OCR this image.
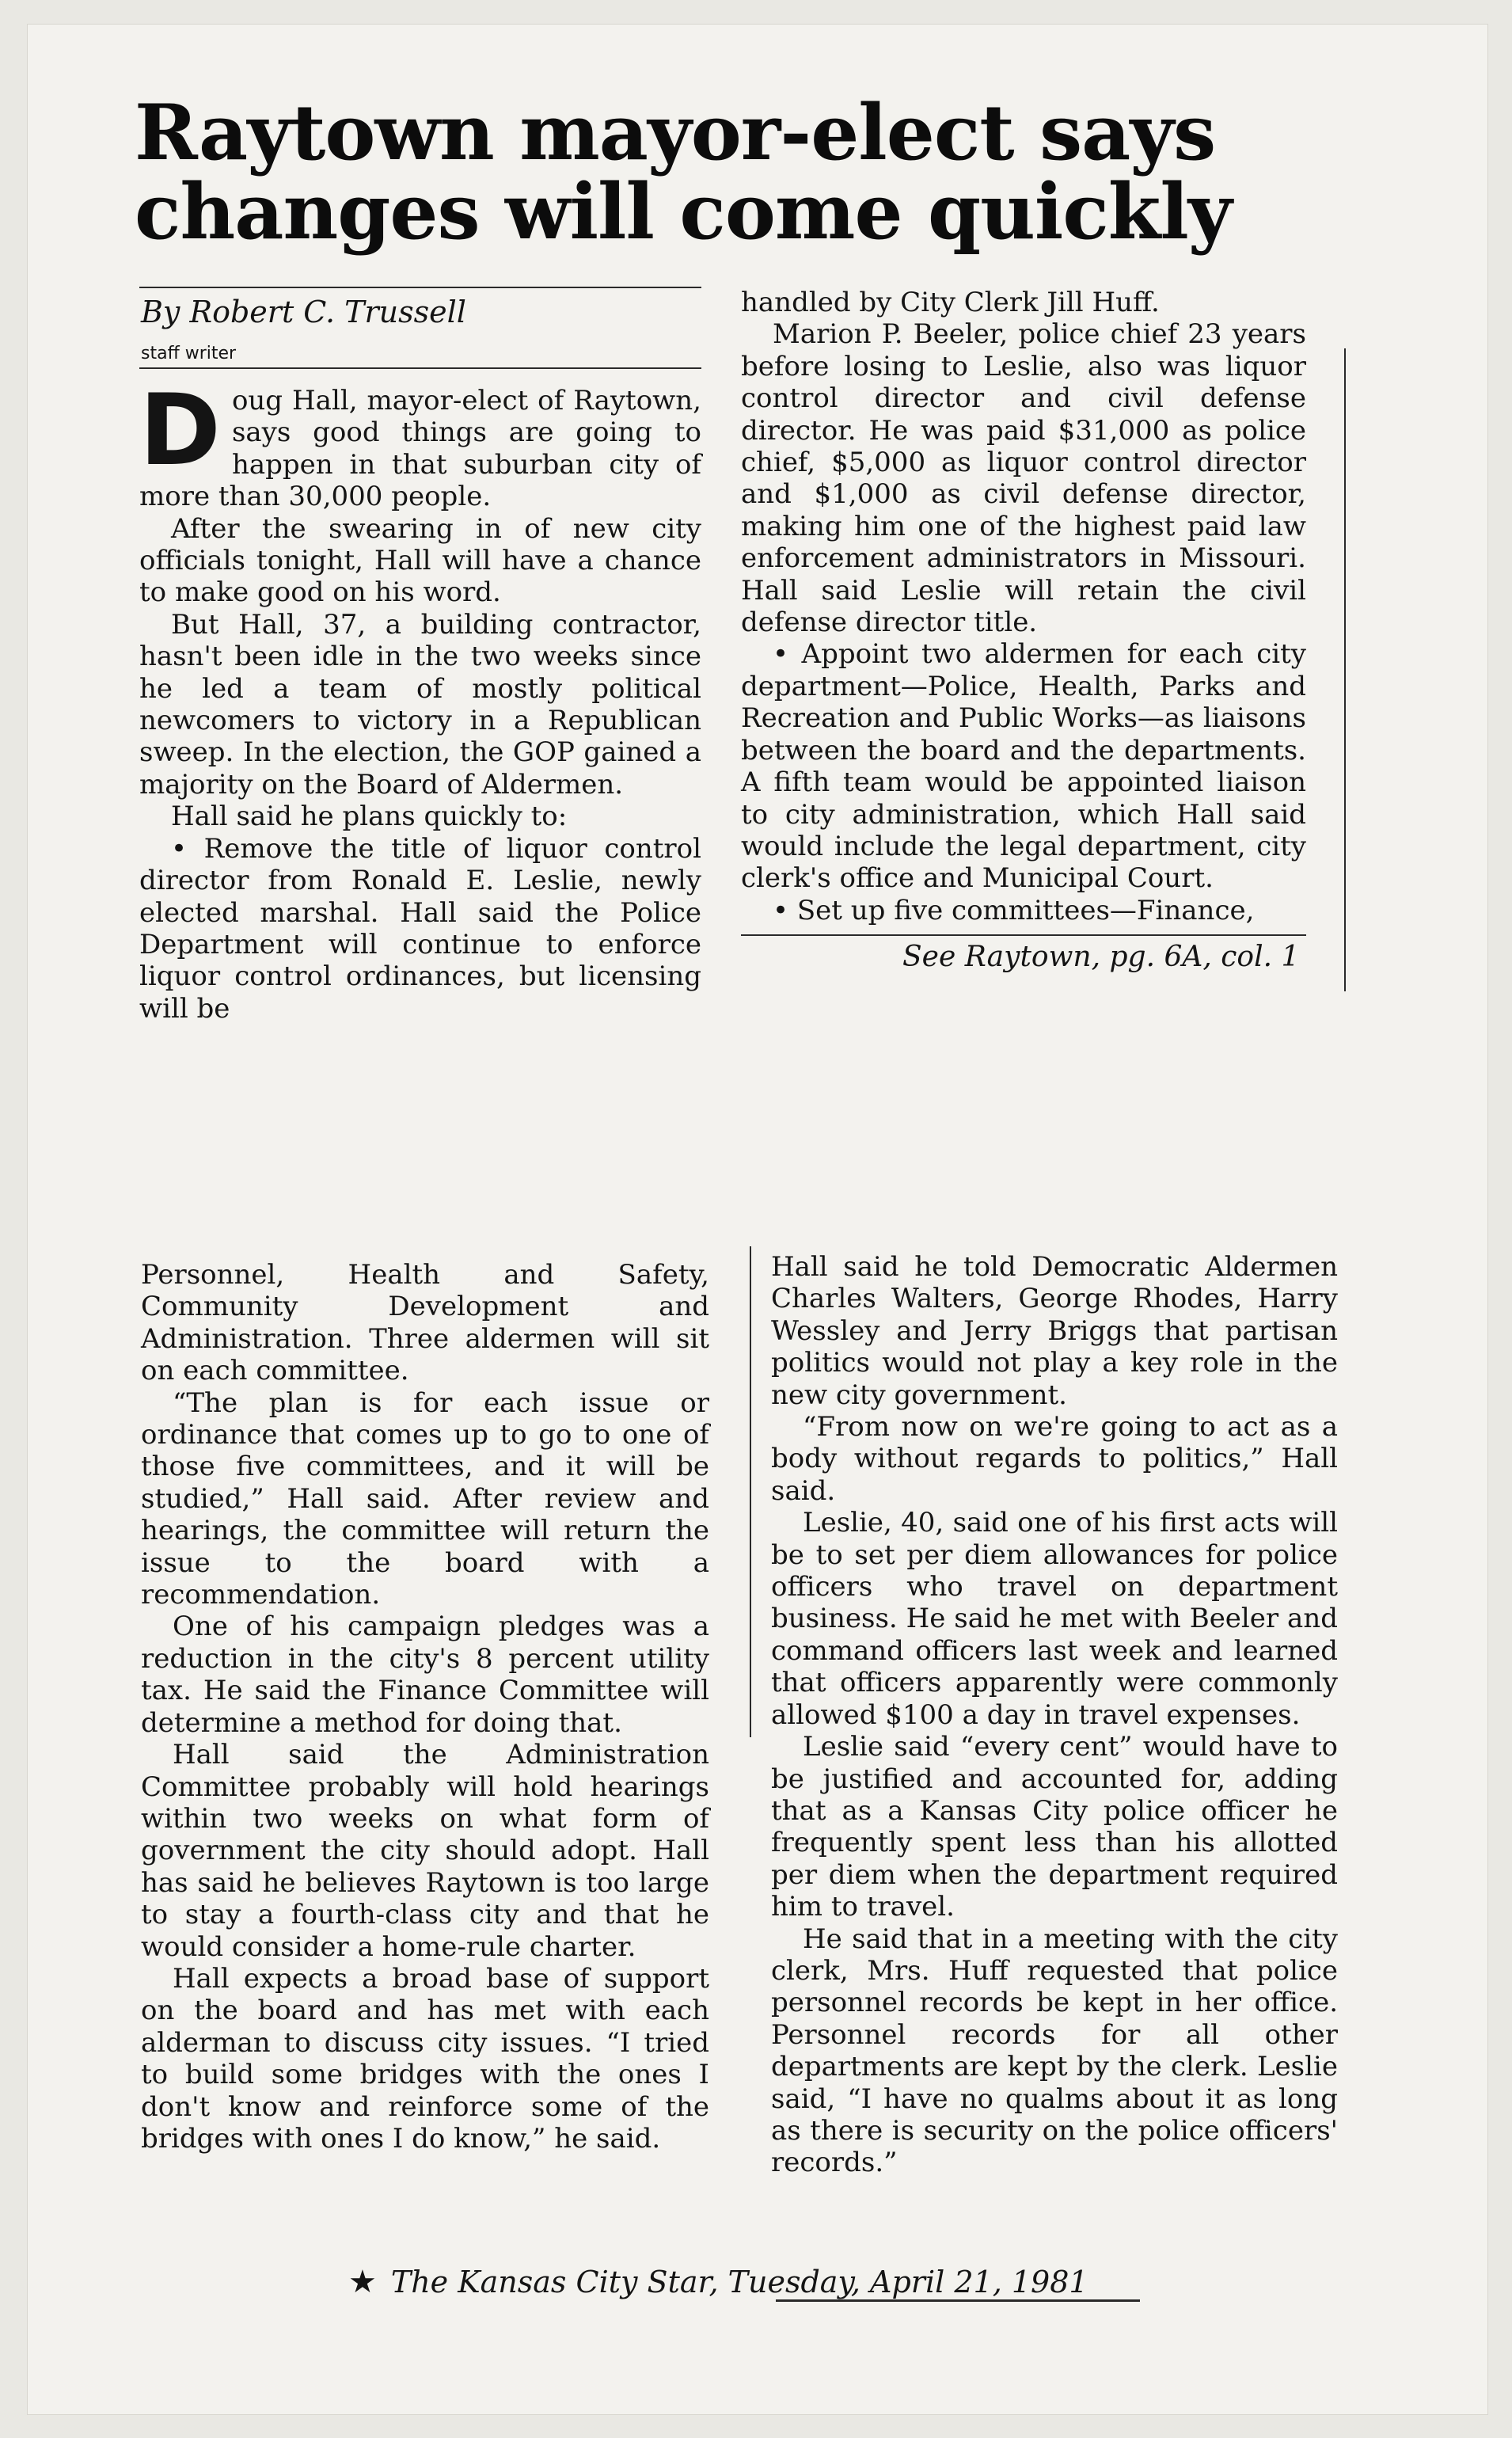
Raytown mayor-elect says changes will come quickly
By Robert C. Trussell
staff writer

Doug Hall, mayor-elect of Raytown, says good things are going to happen in that suburban city of more than 30,000 people.

After the swearing in of new city officials tonight, Hall will have a chance to make good on his word.

But Hall, 37, a building contractor, hasn't been idle in the two weeks since he led a team of mostly political newcomers to victory in a Republican sweep. In the election, the GOP gained a majority on the Board of Aldermen.

Hall said he plans quickly to:

• Remove the title of liquor control director from Ronald E. Leslie, newly elected marshal. Hall said the Police Department will continue to enforce liquor control ordinances, but licensing will be

handled by City Clerk Jill Huff.

Marion P. Beeler, police chief 23 years before losing to Leslie, also was liquor control director and civil defense director. He was paid $31,000 as police chief, $5,000 as liquor control director and $1,000 as civil defense director, making him one of the highest paid law enforcement administrators in Missouri. Hall said Leslie will retain the civil defense director title.

• Appoint two aldermen for each city department—Police, Health, Parks and Recreation and Public Works—as liaisons between the board and the departments. A fifth team would be appointed liaison to city administration, which Hall said would include the legal department, city clerk's office and Municipal Court.

• Set up five committees—Finance,

See Raytown, pg. 6A, col. 1

Personnel, Health and Safety, Community Development and Administration. Three aldermen will sit on each committee.

“The plan is for each issue or ordinance that comes up to go to one of those five committees, and it will be studied,” Hall said. After review and hearings, the committee will return the issue to the board with a recommendation.

One of his campaign pledges was a reduction in the city's 8 percent utility tax. He said the Finance Committee will determine a method for doing that.

Hall said the Administration Committee probably will hold hearings within two weeks on what form of government the city should adopt. Hall has said he believes Raytown is too large to stay a fourth-class city and that he would consider a home-rule charter.

Hall expects a broad base of support on the board and has met with each alderman to discuss city issues. “I tried to build some bridges with the ones I don't know and reinforce some of the bridges with ones I do know,” he said.

Hall said he told Democratic Aldermen Charles Walters, George Rhodes, Harry Wessley and Jerry Briggs that partisan politics would not play a key role in the new city government.

“From now on we're going to act as a body without regards to politics,” Hall said.

Leslie, 40, said one of his first acts will be to set per diem allowances for police officers who travel on department business. He said he met with Beeler and command officers last week and learned that officers apparently were commonly allowed $100 a day in travel expenses.

Leslie said “every cent” would have to be justified and accounted for, adding that as a Kansas City police officer he frequently spent less than his allotted per diem when the department required him to travel.

He said that in a meeting with the city clerk, Mrs. Huff requested that police personnel records be kept in her office. Personnel records for all other departments are kept by the clerk. Leslie said, “I have no qualms about it as long as there is security on the police officers' records.”

★ The Kansas City Star, Tuesday, April 21, 1981
